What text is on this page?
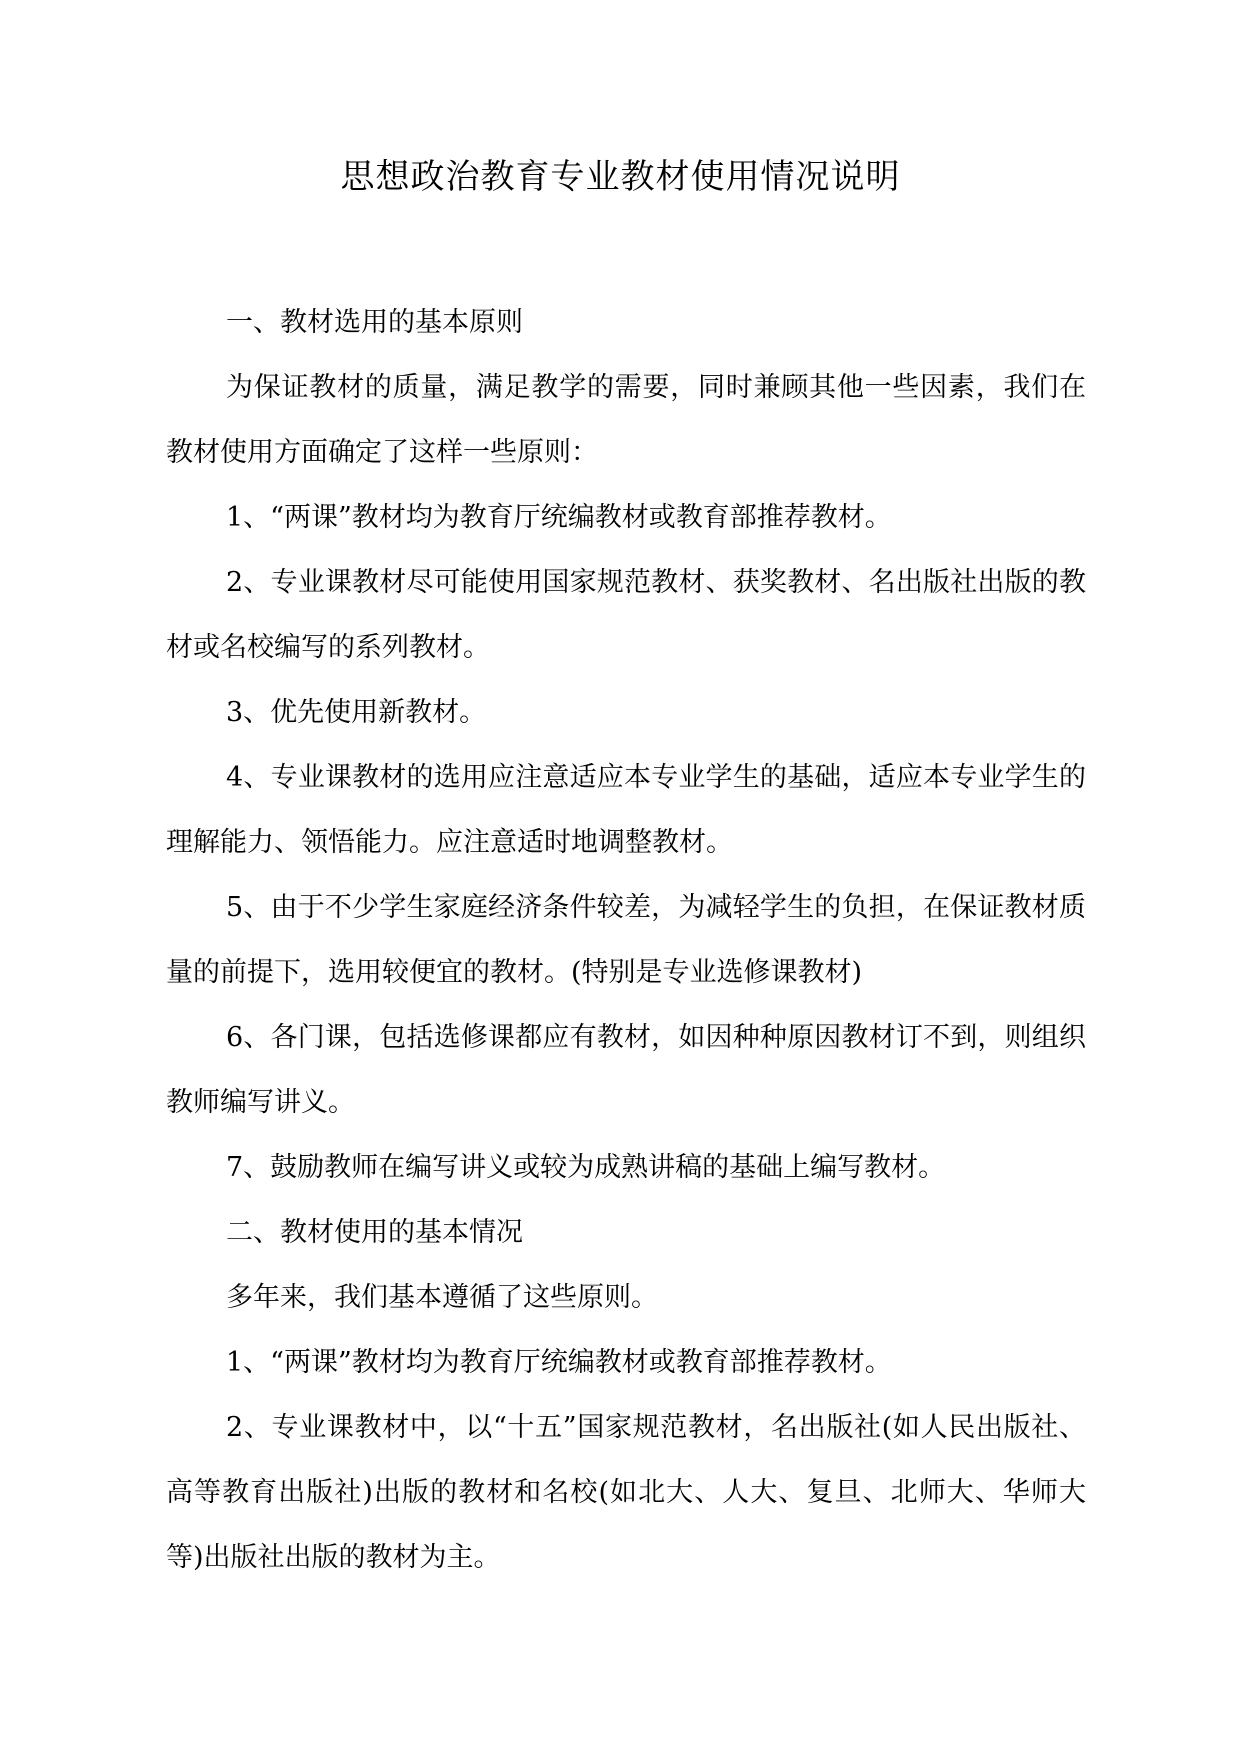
思想政治教育专业教材使用情况说明

一、教材选用的基本原则

为保证教材的质量，满足教学的需要，同时兼顾其他一些因素，我们在教材使用方面确定了这样一些原则：

1、“两课”教材均为教育厅统编教材或教育部推荐教材。

2、专业课教材尽可能使用国家规范教材、获奖教材、名出版社出版的教材或名校编写的系列教材。

3、优先使用新教材。

4、专业课教材的选用应注意适应本专业学生的基础，适应本专业学生的理解能力、领悟能力。应注意适时地调整教材。

5、由于不少学生家庭经济条件较差，为减轻学生的负担，在保证教材质量的前提下，选用较便宜的教材。(特别是专业选修课教材)

6、各门课，包括选修课都应有教材，如因种种原因教材订不到，则组织教师编写讲义。

7、鼓励教师在编写讲义或较为成熟讲稿的基础上编写教材。

二、教材使用的基本情况

多年来，我们基本遵循了这些原则。

1、“两课”教材均为教育厅统编教材或教育部推荐教材。

2、专业课教材中，以“十五”国家规范教材，名出版社(如人民出版社、高等教育出版社)出版的教材和名校(如北大、人大、复旦、北师大、华师大等)出版社出版的教材为主。
